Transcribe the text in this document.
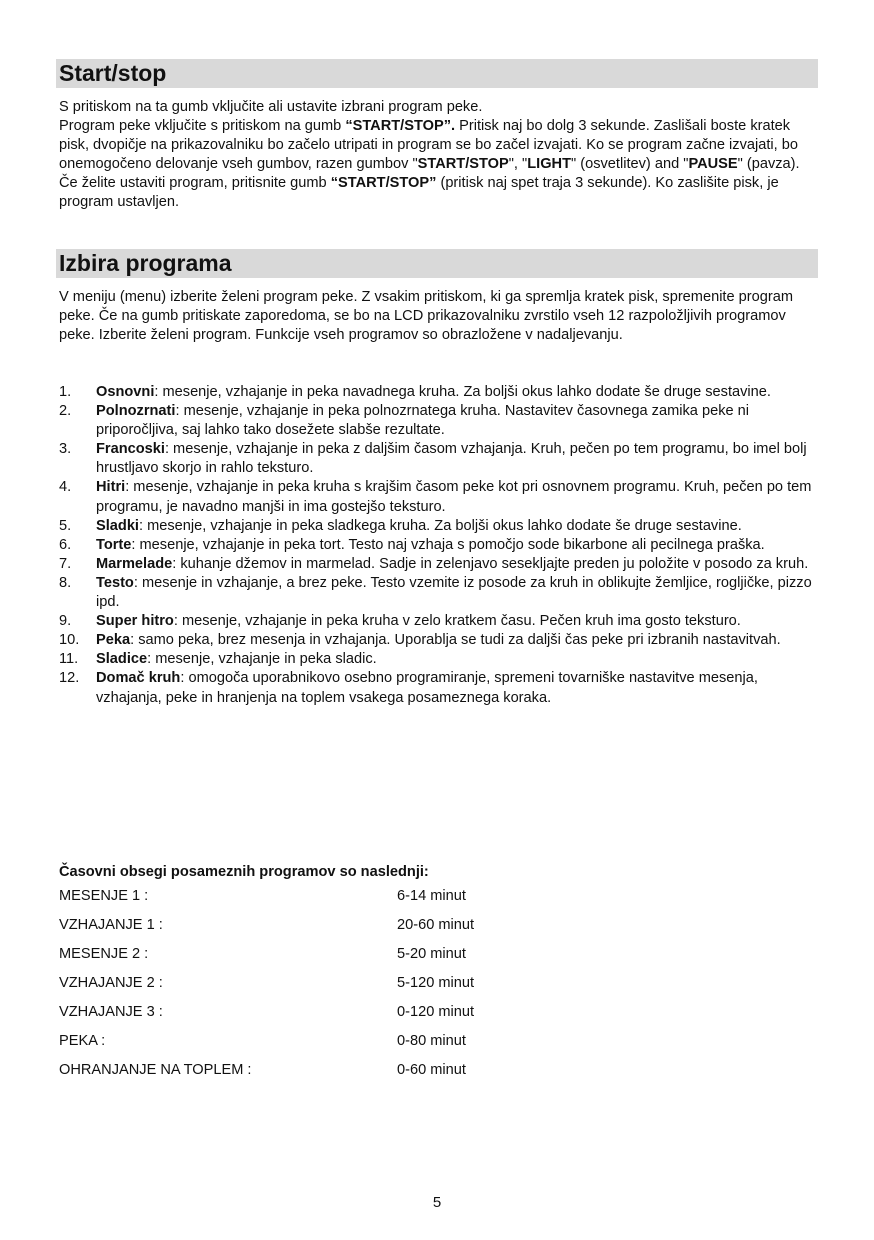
Start/stop

S pritiskom na ta gumb vključite ali ustavite izbrani program peke.

Program peke vključite s pritiskom na gumb “START/STOP”. Pritisk naj bo dolg 3 sekunde. Zaslišali boste kratek pisk, dvopičje na prikazovalniku bo začelo utripati in program se bo začel izvajati. Ko se program začne izvajati, bo onemogočeno delovanje vseh gumbov, razen gumbov "START/STOP", "LIGHT" (osvetlitev) and "PAUSE" (pavza).

Če želite ustaviti program, pritisnite gumb “START/STOP” (pritisk naj spet traja 3 sekunde). Ko zaslišite pisk, je program ustavljen.

Izbira programa
V meniju (menu) izberite želeni program peke. Z vsakim pritiskom, ki ga spremlja kratek pisk, spremenite program peke. Če na gumb pritiskate zaporedoma, se bo na LCD prikazovalniku zvrstilo vseh 12 razpoložljivih programov peke. Izberite želeni program. Funkcije vseh programov so obrazložene v nadaljevanju.
1.	Osnovni: mesenje, vzhajanje in peka navadnega kruha. Za boljši okus lahko dodate še druge sestavine.
2.	Polnozrnati: mesenje, vzhajanje in peka polnozrnatega kruha. Nastavitev časovnega zamika peke ni priporočljiva, saj lahko tako dosežete slabše rezultate.
3.	Francoski: mesenje, vzhajanje in peka z daljšim časom vzhajanja. Kruh, pečen po tem programu, bo imel bolj hrustljavo skorjo in rahlo teksturo.
4.	Hitri: mesenje, vzhajanje in peka kruha s krajšim časom peke kot pri osnovnem programu. Kruh, pečen po tem programu, je navadno manjši in ima gostejšo teksturo.
5.	Sladki: mesenje, vzhajanje in peka sladkega kruha. Za boljši okus lahko dodate še druge sestavine.
6.	Torte: mesenje, vzhajanje in peka tort. Testo naj vzhaja s pomočjo sode bikarbone ali pecilnega praška.
7.	Marmelade: kuhanje džemov in marmelad. Sadje in zelenjavo sesekljajte preden ju položite v posodo za kruh.
8.	Testo: mesenje in vzhajanje, a brez peke. Testo vzemite iz posode za kruh in oblikujte žemljice, rogljičke, pizzo ipd.
9.	Super hitro: mesenje, vzhajanje in peka kruha v zelo kratkem času. Pečen kruh ima gosto teksturo.
10.	Peka: samo peka, brez mesenja in vzhajanja. Uporablja se tudi za daljši čas peke pri izbranih nastavitvah.
11.	Sladice: mesenje, vzhajanje in peka sladic.
12.	Domač kruh: omogoča uporabnikovo osebno programiranje, spremeni tovarniške nastavitve mesenja, vzhajanja, peke in hranjenja na toplem vsakega posameznega koraka.
Časovni obsegi posameznih programov so naslednji:
MESENJE 1 :	6-14 minut
VZHAJANJE 1 :	20-60 minut
MESENJE 2 :	5-20 minut
VZHAJANJE 2 :	5-120 minut
VZHAJANJE 3 :	0-120 minut
PEKA :	0-80 minut
OHRANJANJE NA TOPLEM :	0-60 minut
5
